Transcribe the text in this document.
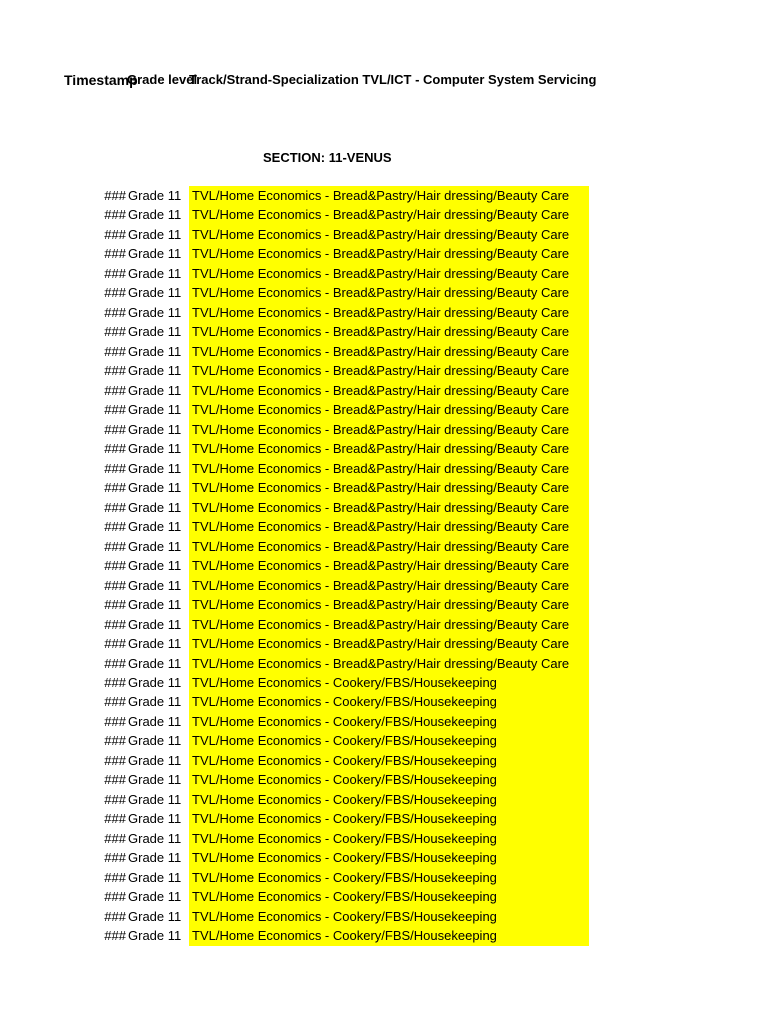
Timestamp
Grade level
Track/Strand-Specialization TVL/ICT - Computer System Servicing
SECTION: 11-VENUS
### Grade 11 TVL/Home Economics - Bread&Pastry/Hair dressing/Beauty Care
### Grade 11 TVL/Home Economics - Bread&Pastry/Hair dressing/Beauty Care
### Grade 11 TVL/Home Economics - Bread&Pastry/Hair dressing/Beauty Care
### Grade 11 TVL/Home Economics - Bread&Pastry/Hair dressing/Beauty Care
### Grade 11 TVL/Home Economics - Bread&Pastry/Hair dressing/Beauty Care
### Grade 11 TVL/Home Economics - Bread&Pastry/Hair dressing/Beauty Care
### Grade 11 TVL/Home Economics - Bread&Pastry/Hair dressing/Beauty Care
### Grade 11 TVL/Home Economics - Bread&Pastry/Hair dressing/Beauty Care
### Grade 11 TVL/Home Economics - Bread&Pastry/Hair dressing/Beauty Care
### Grade 11 TVL/Home Economics - Bread&Pastry/Hair dressing/Beauty Care
### Grade 11 TVL/Home Economics - Bread&Pastry/Hair dressing/Beauty Care
### Grade 11 TVL/Home Economics - Bread&Pastry/Hair dressing/Beauty Care
### Grade 11 TVL/Home Economics - Bread&Pastry/Hair dressing/Beauty Care
### Grade 11 TVL/Home Economics - Bread&Pastry/Hair dressing/Beauty Care
### Grade 11 TVL/Home Economics - Bread&Pastry/Hair dressing/Beauty Care
### Grade 11 TVL/Home Economics - Bread&Pastry/Hair dressing/Beauty Care
### Grade 11 TVL/Home Economics - Bread&Pastry/Hair dressing/Beauty Care
### Grade 11 TVL/Home Economics - Bread&Pastry/Hair dressing/Beauty Care
### Grade 11 TVL/Home Economics - Bread&Pastry/Hair dressing/Beauty Care
### Grade 11 TVL/Home Economics - Bread&Pastry/Hair dressing/Beauty Care
### Grade 11 TVL/Home Economics - Bread&Pastry/Hair dressing/Beauty Care
### Grade 11 TVL/Home Economics - Bread&Pastry/Hair dressing/Beauty Care
### Grade 11 TVL/Home Economics - Bread&Pastry/Hair dressing/Beauty Care
### Grade 11 TVL/Home Economics - Bread&Pastry/Hair dressing/Beauty Care
### Grade 11 TVL/Home Economics - Bread&Pastry/Hair dressing/Beauty Care
### Grade 11 TVL/Home Economics - Cookery/FBS/Housekeeping
### Grade 11 TVL/Home Economics - Cookery/FBS/Housekeeping
### Grade 11 TVL/Home Economics - Cookery/FBS/Housekeeping
### Grade 11 TVL/Home Economics - Cookery/FBS/Housekeeping
### Grade 11 TVL/Home Economics - Cookery/FBS/Housekeeping
### Grade 11 TVL/Home Economics - Cookery/FBS/Housekeeping
### Grade 11 TVL/Home Economics - Cookery/FBS/Housekeeping
### Grade 11 TVL/Home Economics - Cookery/FBS/Housekeeping
### Grade 11 TVL/Home Economics - Cookery/FBS/Housekeeping
### Grade 11 TVL/Home Economics - Cookery/FBS/Housekeeping
### Grade 11 TVL/Home Economics - Cookery/FBS/Housekeeping
### Grade 11 TVL/Home Economics - Cookery/FBS/Housekeeping
### Grade 11 TVL/Home Economics - Cookery/FBS/Housekeeping
### Grade 11 TVL/Home Economics - Cookery/FBS/Housekeeping
